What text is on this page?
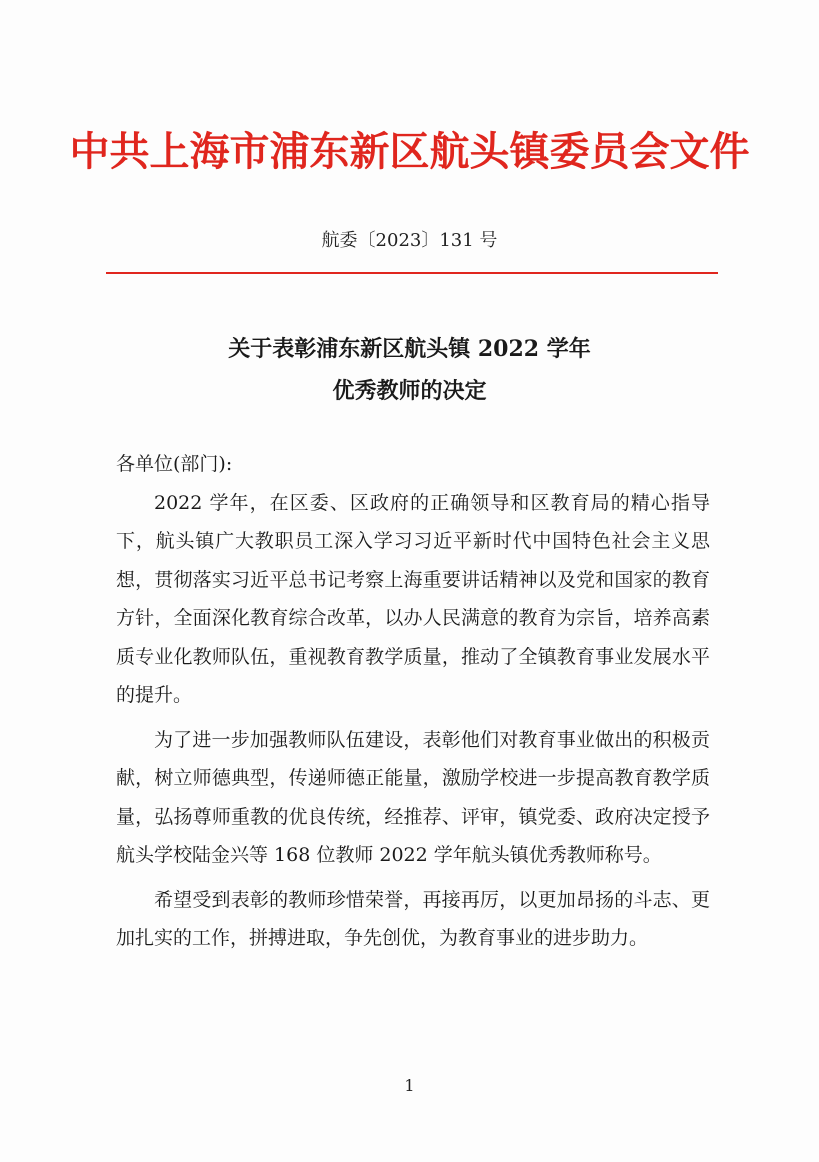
中共上海市浦东新区航头镇委员会文件
航委〔2023〕131 号
关于表彰浦东新区航头镇 2022 学年
优秀教师的决定

各单位(部门):

2022 学年，在区委、区政府的正确领导和区教育局的精心指导下，航头镇广大教职员工深入学习习近平新时代中国特色社会主义思想，贯彻落实习近平总书记考察上海重要讲话精神以及党和国家的教育方针，全面深化教育综合改革，以办人民满意的教育为宗旨，培养高素质专业化教师队伍，重视教育教学质量，推动了全镇教育事业发展水平的提升。

为了进一步加强教师队伍建设，表彰他们对教育事业做出的积极贡献，树立师德典型，传递师德正能量，激励学校进一步提高教育教学质量，弘扬尊师重教的优良传统，经推荐、评审，镇党委、政府决定授予航头学校陆金兴等 168 位教师 2022 学年航头镇优秀教师称号。

希望受到表彰的教师珍惜荣誉，再接再厉，以更加昂扬的斗志、更加扎实的工作，拼搏进取，争先创优，为教育事业的进步助力。

1
